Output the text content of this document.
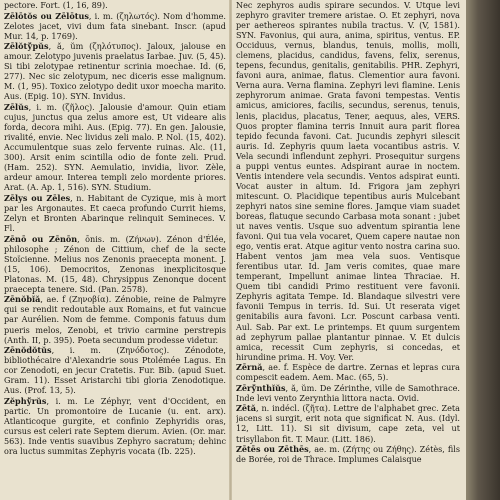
pectore. Fort. (1, 16, 89).

Zēlōtŏs ou Zēlōtus, i. m. (ζηλωτός). Nom d'homme. Zelotes jacet, vivi dum fata sinebant. Inscr. (apud Mur. 14, p. 1769).

Zēlŏtўpŭs, ă, ŭm (ζηλότυπος). Jaloux, jalouse en amour. Zelotypo juvenis praelatus Iarbae. Juv. (5, 45). Si tibi zelotypae retinentur scrinia moechae. Id. (6, 277). Nec sic zelotypum, nec diceris esse malignum. M. (1, 95). Toxico zelotypo dedit uxor moecha marito. Aus. (Epig. 10). SYN. Invidus.

Zēlŭs, i. m. (ζῆλος). Jalousie d'amour. Quin etiam cujus, junctus qua zelus amore est, Ut videare alis forda, decora mihi. Aus. (Epig. 77). En gen. Jalousie, rivalité, envie. Nec lividus zeli malo. P. Nol. (15, 402). Accumulentque suas zelo fervente ruinas. Alc. (11, 300). Arsit enim scintilla odio de fonte zeli. Prud. (Ham. 252). SYN. Aemulatio, invidia, livor. Zèle, ardeur amour. Interea templi zelo mordente priores. Arat. (A. Ap. 1, 516). SYN. Studium.

Zēlys ou Zēles, n. Habitant de Cyzique, mis à mort par les Argonautes. Et caeca profundo Currit hiems, Zelyn et Bronten Abarinque relinquit Semineces. V. Fl.

Zēnō ou Zēnōn, ōnis. m. (Ζήνων). Zénon d'Élée, philosophe ; Zénon de Cittium, chef de la secte Stoïcienne. Melius nos Zenonis praecepta monent. J. (15, 106). Democritos, Zenonas inexplicitosque Platonas. M. (15, 48). Chrysippus Zenonque docent praecepta tenere. Sid. (Pan. 2578).

Zēnŏbĭă, ae. f (Ζηνοβία). Zénobie, reine de Palmyre qui se rendit redoutable aux Romains, et fut vaincue par Aurélien. Nom de femme. Componis fatuus dum pueris melos, Zenobi, et trivio carmine perstrepis (Anth. II, p. 395). Poeta secundum prodesse videtur.

Zēnŏdŏtŭs, i. m. (Ζηνόδοτος). Zénodote, bibliothécaire d'Alexandrie sous Ptolémée Lagus. En cor Zenodoti, en jecur Cratetis. Fur. Bib. (apud Suet. Gram. 11). Esset Aristarchi tibi gloria Zenodotique. Aus. (Prof. 13, 5).

Zĕphўrŭs, i. m. Le Zéphyr, vent d'Occident, en partic. Un promontoire de Lucanie (u. ent. arx). Atlanticoque gurgite, et confinio Zephyridis oras, cursus est celeri rate Septem dierum. Avien. (Or. mar. 563). Inde ventis suavibus Zephyro sacratum; dehinc ora luctus summitas Zephyris vocata (Ib. 225).

Nec zephyros audis spirare secundos. V. Utque levi zephyro graviter tremere aristae. O. Et zephyri, nova per aethereos spirantes nubila tractus. V. (V, 1581). SYN. Favonius, qui aura, anima, spiritus, ventus. EP. Occiduus, vernus, blandus, tenuis, mollis, molli, clemens, placidus, candidus, favens, felix, serenus, tepens, fecundus, genitalis, genitabilis. PHR. Zephyri, favoni aura, animae, flatus. Clementior aura favoni. Verna aura. Verna flamina. Zephyri levi flamine. Lenis zephyrorum animae. Grata favoni tempestas. Ventis amicus, amiciores, facilis, secundus, serenus, tenuis, lenis, placidus, placatus, Tener, aequus, ales, VERS. Quos propter flamina terris Innuit aura parit florea tepido fecunda favoni. Cat. Jucundis zephyri silescit auris. Id. Zephyris quum laeta vocantibus astris. V. Vela secundi inflendunt zephyri. Prosequitur surgens a puppi ventus euntes. Adspirant aurae in noctem. Ventis intendere vela secundis. Ventos adspirat eunti. Vocat auster in altum. Id. Frigora jam zephyri mitescunt. O. Placidique tepentibus auris Mulcebant zephyri natos sine semine flores. Jamque viam suadet boreas, flatuque secundo Carbasa mota sonant : jubet ut naves ventis. Usque suo adventum spirantia lene favoni. Qui tua vela vocaret, Quem capere nautae non ego, ventis erat. Atque agitur vento nostra carina suo. Habent ventos jam mea vela suos. Ventisque ferentibus utar. Id. Jam veris comites, quae mare temperant, Impellunt animae lintea Thraciae. H. Quem tibi candidi Primo restituent vere favonii. Zephyris agitata Tempe. Id. Blandaque silvestri vere favonii Tempus in terris. Id. Sui. Ut reserata viget genitabilis aura favoni. Lcr. Poscunt carbasa venti. Aul. Sab. Par ext. Le printemps. Et quum surgentem ad zephyrum pallae plantantur pinnae. V. Et dulcis amica, recessit Cum zephyris, si concedas, et hirundine prima. H. Voy. Ver.

Zērnă, ae. f. Espèce de dartre. Zernas et lepras cura compescit eadem. Aem. Mac. (65, 5).

Zērўnthĭŭs, ă, ŭm. De Zérinthe, ville de Samothrace. Inde levi vento Zerynthia littora nacta. Ovid.

Zētă, n. indécl. (ζῆτα). Lettre de l'alphabet grec. Zeta jacens si surgit, erit nota que significat N. Aus. (Idyl. 12, Litt. 11). Si sit divisum, cape zeta, vel ut trisyllabon fit. T. Maur. (Litt. 186).

Zētēs ou Zēthēs, ae. m. (Ζήτης ou Ζήθης). Zétès, fils de Borée, roi de Thrace. Implumes Calaisque
